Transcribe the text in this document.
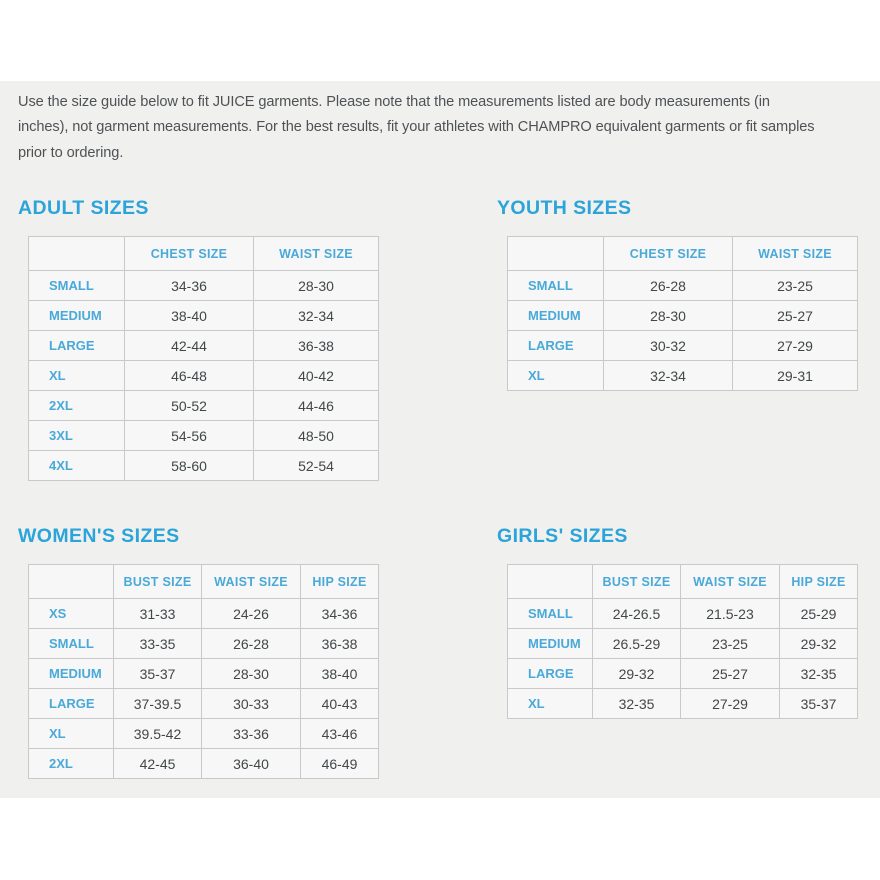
Use the size guide below to fit JUICE garments. Please note that the measurements listed are body measurements (in
inches), not garment measurements. For the best results, fit your athletes with CHAMPRO equivalent garments or fit samples
prior to ordering.
ADULT SIZES
	CHEST SIZE	WAIST SIZE
SMALL	34-36	28-30
MEDIUM	38-40	32-34
LARGE	42-44	36-38
XL	46-48	40-42
2XL	50-52	44-46
3XL	54-56	48-50
4XL	58-60	52-54
YOUTH SIZES
	CHEST SIZE	WAIST SIZE
SMALL	26-28	23-25
MEDIUM	28-30	25-27
LARGE	30-32	27-29
XL	32-34	29-31
WOMEN'S SIZES
	BUST SIZE	WAIST SIZE	HIP SIZE
XS	31-33	24-26	34-36
SMALL	33-35	26-28	36-38
MEDIUM	35-37	28-30	38-40
LARGE	37-39.5	30-33	40-43
XL	39.5-42	33-36	43-46
2XL	42-45	36-40	46-49
GIRLS' SIZES
	BUST SIZE	WAIST SIZE	HIP SIZE
SMALL	24-26.5	21.5-23	25-29
MEDIUM	26.5-29	23-25	29-32
LARGE	29-32	25-27	32-35
XL	32-35	27-29	35-37
